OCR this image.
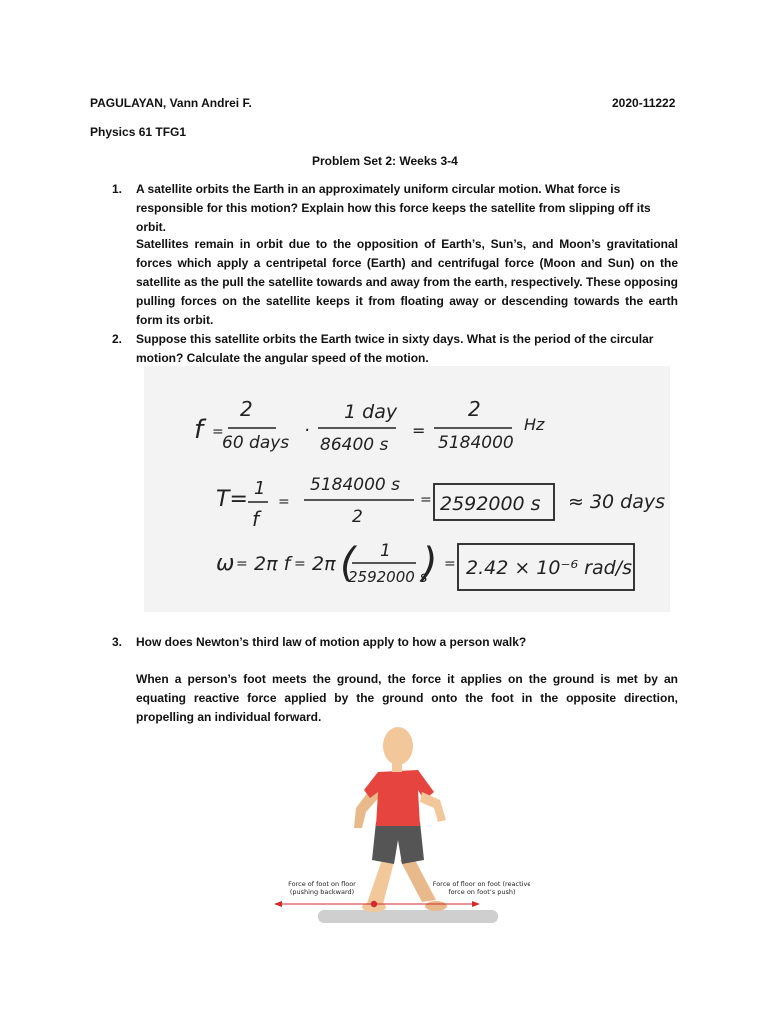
PAGULAYAN, Vann Andrei F.	2020-11222
Physics 61 TFG1
Problem Set 2: Weeks 3-4
1. A satellite orbits the Earth in an approximately uniform circular motion. What force is
responsible for this motion? Explain how this force keeps the satellite from slipping off its orbit.
Satellites remain in orbit due to the opposition of Earth’s, Sun’s, and Moon’s gravitational forces which apply a centripetal force (Earth) and centrifugal force (Moon and Sun) on the satellite as the pull the satellite towards and away from the earth, respectively. These opposing pulling forces on the satellite keeps it from floating away or descending towards the earth form its orbit.
2. Suppose this satellite orbits the Earth twice in sixty days. What is the period of the circular
motion? Calculate the angular speed of the motion.
f =
2
60 days
·
1 day
86400 s
=
2
5184000
Hz
T= 1
f
=
5184000 s
2
= 2592000 s ≈ 30 days
ω = 2π f = 2π ( 1
2592000 s
) = 2.42 × 10⁻⁶ rad/s
3. How does Newton’s third law of motion apply to how a person walk?
When a person’s foot meets the ground, the force it applies on the ground is met by an equating reactive force applied by the ground onto the foot in the opposite direction, propelling an individual forward.
Force of foot on floor
(pushing backward)
Force of floor on foot (reactive
force on foot’s push)
